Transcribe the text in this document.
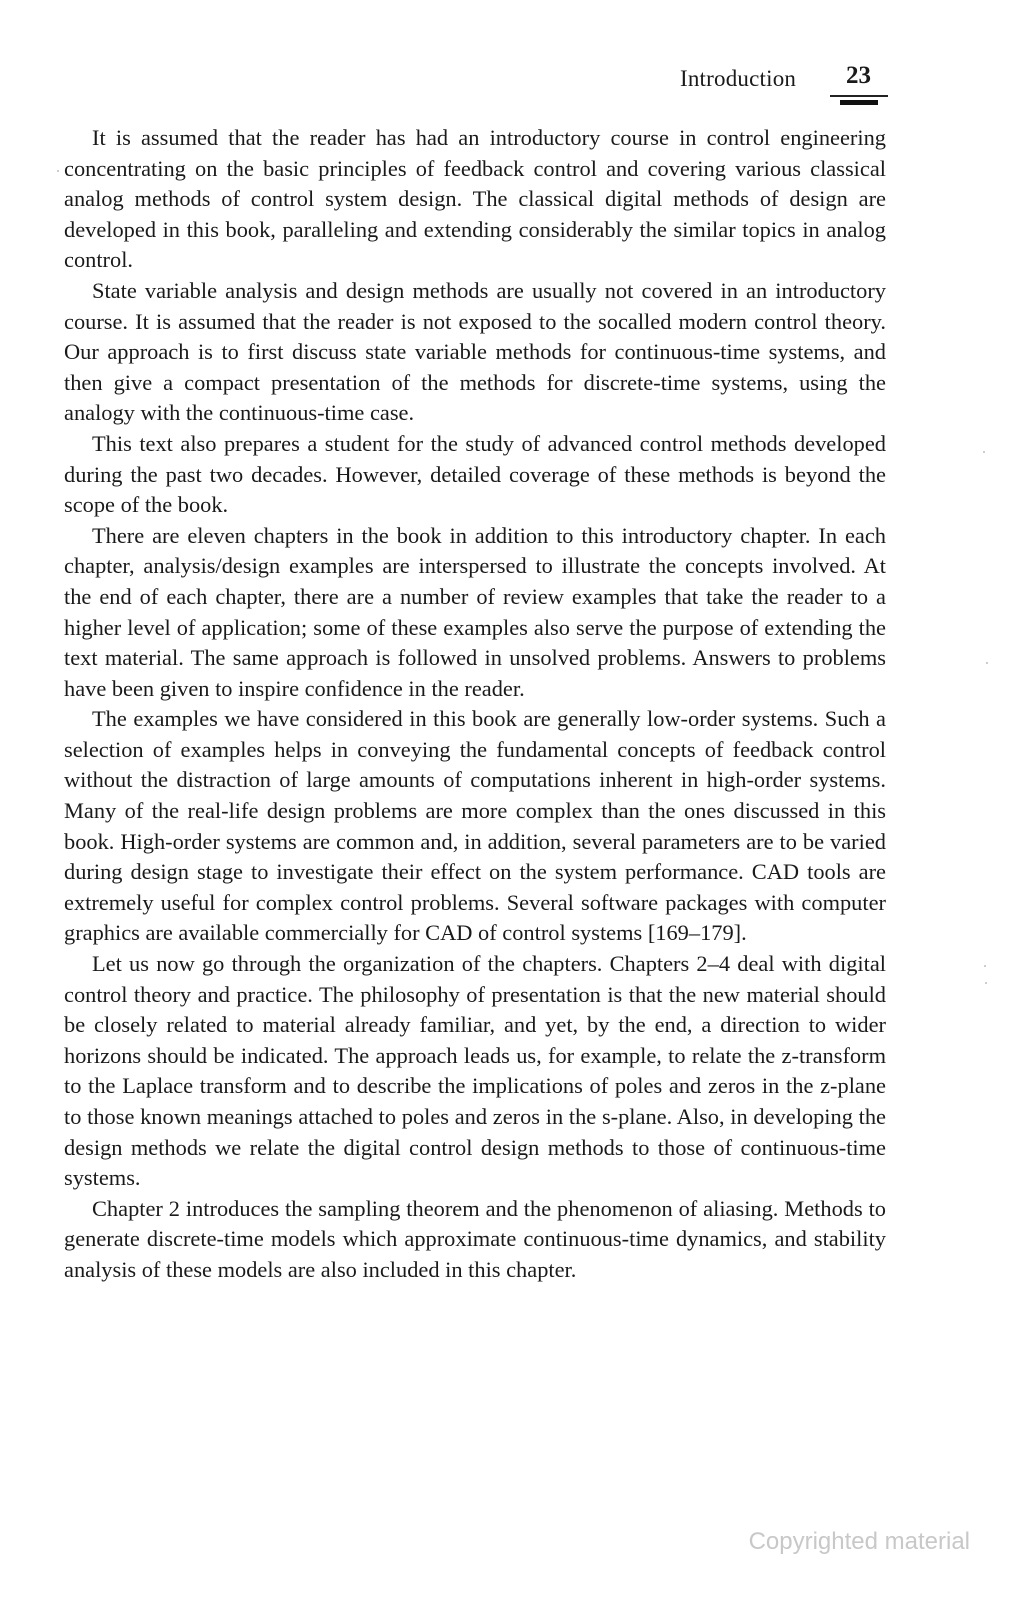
Introduction 23

It is assumed that the reader has had an introductory course in control engineering concentrating on the basic principles of feedback control and covering various classical analog methods of control system design. The classical digital methods of design are developed in this book, paralleling and extending considerably the similar topics in analog control.

State variable analysis and design methods are usually not covered in an introductory course. It is assumed that the reader is not exposed to the socalled modern control theory. Our approach is to first discuss state variable methods for continuous-time systems, and then give a compact presentation of the methods for discrete-time systems, using the analogy with the continuous-time case.

This text also prepares a student for the study of advanced control methods developed during the past two decades. However, detailed coverage of these methods is beyond the scope of the book.

There are eleven chapters in the book in addition to this introductory chapter. In each chapter, analysis/design examples are interspersed to illustrate the concepts involved. At the end of each chapter, there are a number of review examples that take the reader to a higher level of application; some of these examples also serve the purpose of extending the text material. The same approach is followed in unsolved problems. Answers to problems have been given to inspire confidence in the reader.

The examples we have considered in this book are generally low-order systems. Such a selection of examples helps in conveying the fundamental concepts of feedback control without the distraction of large amounts of computations inherent in high-order systems. Many of the real-life design problems are more complex than the ones discussed in this book. High-order systems are common and, in addition, several parameters are to be varied during design stage to investigate their effect on the system performance. CAD tools are extremely useful for complex control problems. Several software packages with computer graphics are available commercially for CAD of control systems [169–179].

Let us now go through the organization of the chapters. Chapters 2–4 deal with digital control theory and practice. The philosophy of presentation is that the new material should be closely related to material already familiar, and yet, by the end, a direction to wider horizons should be indicated. The approach leads us, for example, to relate the z-transform to the Laplace transform and to describe the implications of poles and zeros in the z-plane to those known meanings attached to poles and zeros in the s-plane. Also, in developing the design methods we relate the digital control design methods to those of continuous-time systems.

Chapter 2 introduces the sampling theorem and the phenomenon of aliasing. Methods to generate discrete-time models which approximate continuous-time dynamics, and stability analysis of these models are also included in this chapter.

Copyrighted material
